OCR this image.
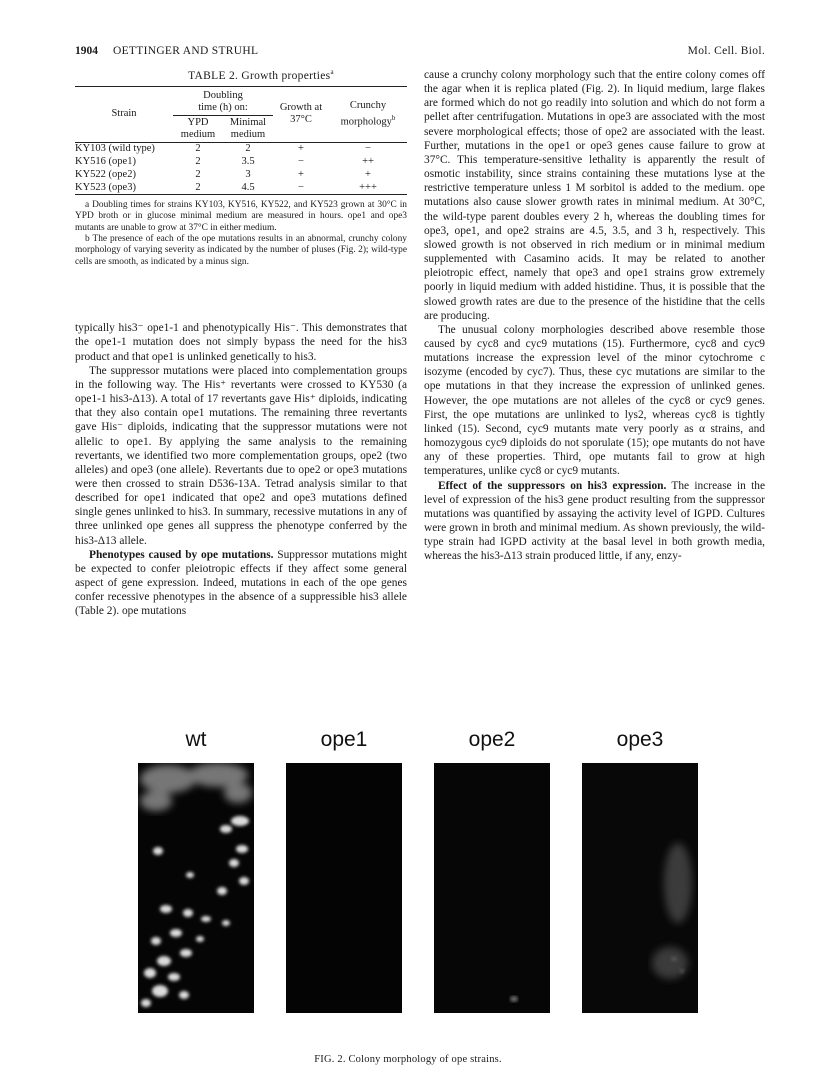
1904 OETTINGER AND STRUHL	Mol. Cell. Biol.
TABLE 2. Growth properties$^a$
Strain	Doubling time (h) on:		Growth at 37°C	Crunchy morphology$^b$
	YPD medium	Minimal medium		
KY103 (wild type)	2	2	+	−
KY516 (ope1)	2	3.5	−	++
KY522 (ope2)	2	3	+	+
KY523 (ope3)	2	4.5	−	+++

a Doubling times for strains KY103, KY516, KY522, and KY523 grown at 30°C in YPD broth or in glucose minimal medium are measured in hours. ope1 and ope3 mutants are unable to grow at 37°C in either medium.

b The presence of each of the ope mutations results in an abnormal, crunchy colony morphology of varying severity as indicated by the number of pluses (Fig. 2); wild-type cells are smooth, as indicated by a minus sign.

typically his3⁻ ope1-1 and phenotypically His⁻. This demonstrates that the ope1-1 mutation does not simply bypass the need for the his3 product and that ope1 is unlinked genetically to his3.

The suppressor mutations were placed into complementation groups in the following way. The His⁺ revertants were crossed to KY530 (a ope1-1 his3-Δ13). A total of 17 revertants gave His⁺ diploids, indicating that they also contain ope1 mutations. The remaining three revertants gave His⁻ diploids, indicating that the suppressor mutations were not allelic to ope1. By applying the same analysis to the remaining revertants, we identified two more complementation groups, ope2 (two alleles) and ope3 (one allele). Revertants due to ope2 or ope3 mutations were then crossed to strain D536-13A. Tetrad analysis similar to that described for ope1 indicated that ope2 and ope3 mutations defined single genes unlinked to his3. In summary, recessive mutations in any of three unlinked ope genes all suppress the phenotype conferred by the his3-Δ13 allele.

Phenotypes caused by ope mutations. Suppressor mutations might be expected to confer pleiotropic effects if they affect some general aspect of gene expression. Indeed, mutations in each of the ope genes confer recessive phenotypes in the absence of a suppressible his3 allele (Table 2). ope mutations

cause a crunchy colony morphology such that the entire colony comes off the agar when it is replica plated (Fig. 2). In liquid medium, large flakes are formed which do not go readily into solution and which do not form a pellet after centrifugation. Mutations in ope3 are associated with the most severe morphological effects; those of ope2 are associated with the least. Further, mutations in the ope1 or ope3 genes cause failure to grow at 37°C. This temperature-sensitive lethality is apparently the result of osmotic instability, since strains containing these mutations lyse at the restrictive temperature unless 1 M sorbitol is added to the medium. ope mutations also cause slower growth rates in minimal medium. At 30°C, the wild-type parent doubles every 2 h, whereas the doubling times for ope3, ope1, and ope2 strains are 4.5, 3.5, and 3 h, respectively. This slowed growth is not observed in rich medium or in minimal medium supplemented with Casamino acids. It may be related to another pleiotropic effect, namely that ope3 and ope1 strains grow extremely poorly in liquid medium with added histidine. Thus, it is possible that the slowed growth rates are due to the presence of the histidine that the cells are producing.

The unusual colony morphologies described above resemble those caused by cyc8 and cyc9 mutations (15). Furthermore, cyc8 and cyc9 mutations increase the expression level of the minor cytochrome c isozyme (encoded by cyc7). Thus, these cyc mutations are similar to the ope mutations in that they increase the expression of unlinked genes. However, the ope mutations are not alleles of the cyc8 or cyc9 genes. First, the ope mutations are unlinked to lys2, whereas cyc8 is tightly linked (15). Second, cyc9 mutants mate very poorly as α strains, and homozygous cyc9 diploids do not sporulate (15); ope mutants do not have any of these properties. Third, ope mutants fail to grow at high temperatures, unlike cyc8 or cyc9 mutants.

Effect of the suppressors on his3 expression. The increase in the level of expression of the his3 gene product resulting from the suppressor mutations was quantified by assaying the activity level of IGPD. Cultures were grown in broth and minimal medium. As shown previously, the wild-type strain had IGPD activity at the basal level in both growth media, whereas the his3-Δ13 strain produced little, if any, enzy-

wt	ope1	ope2	ope3
FIG. 2. Colony morphology of ope strains.
